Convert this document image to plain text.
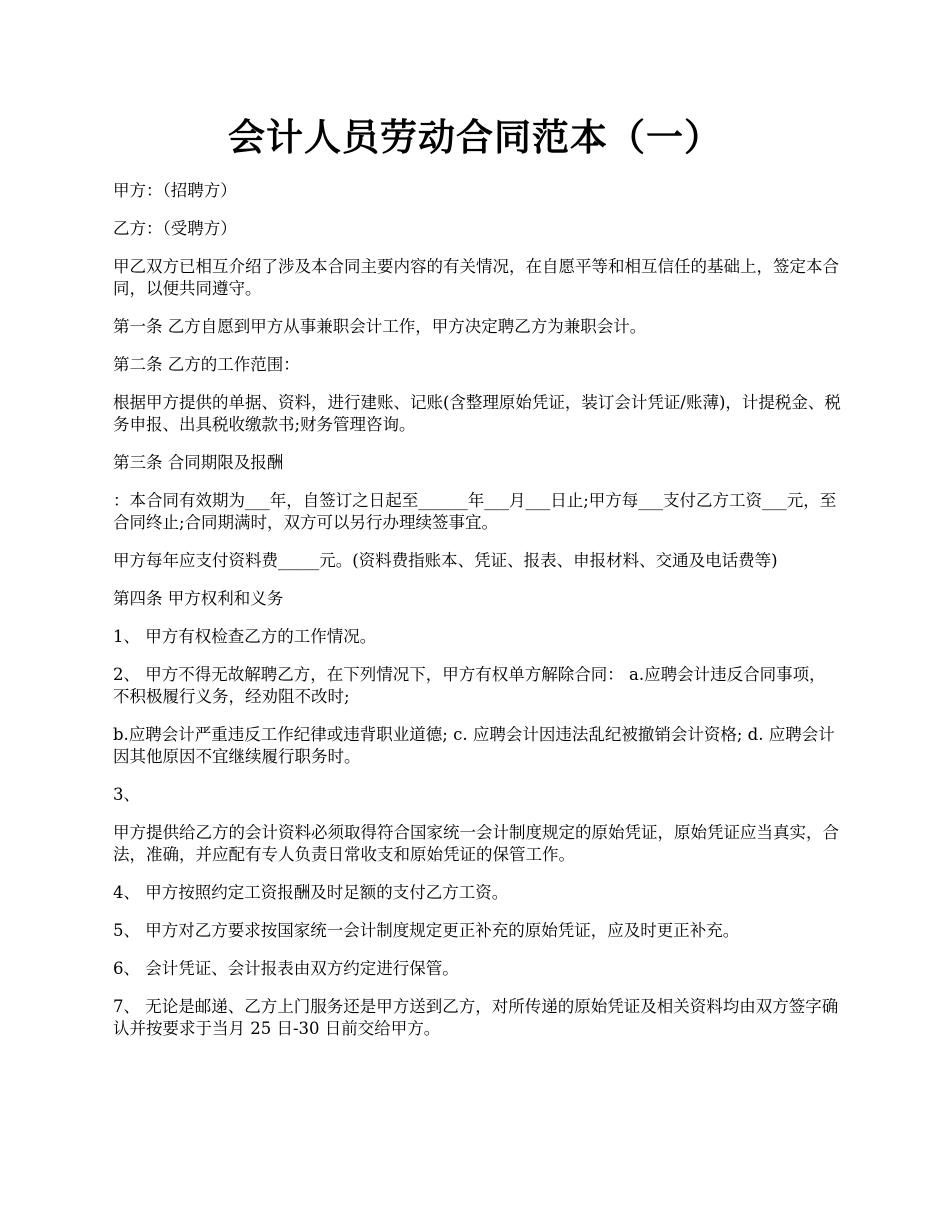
会计人员劳动合同范本（一）

甲方：（招聘方）

乙方：（受聘方）

甲乙双方已相互介绍了涉及本合同主要内容的有关情况，在自愿平等和相互信任的基础上，签定本合同，以便共同遵守。

第一条 乙方自愿到甲方从事兼职会计工作，甲方决定聘乙方为兼职会计。

第二条 乙方的工作范围：

根据甲方提供的单据、资料，进行建账、记账(含整理原始凭证，装订会计凭证/账薄)，计提税金、税务申报、出具税收缴款书;财务管理咨询。

第三条 合同期限及报酬

：本合同有效期为___年，自签订之日起至______年___月___日止;甲方每___支付乙方工资___元，至合同终止;合同期满时，双方可以另行办理续签事宜。

甲方每年应支付资料费_____元。(资料费指账本、凭证、报表、申报材料、交通及电话费等)

第四条 甲方权利和义务

1、 甲方有权检查乙方的工作情况。

2、 甲方不得无故解聘乙方，在下列情况下，甲方有权单方解除合同： a.应聘会计违反合同事项，不积极履行义务，经劝阻不改时;

b.应聘会计严重违反工作纪律或违背职业道德; c. 应聘会计因违法乱纪被撤销会计资格; d. 应聘会计因其他原因不宜继续履行职务时。

3、

甲方提供给乙方的会计资料必须取得符合国家统一会计制度规定的原始凭证，原始凭证应当真实，合法，准确，并应配有专人负责日常收支和原始凭证的保管工作。

4、 甲方按照约定工资报酬及时足额的支付乙方工资。

5、 甲方对乙方要求按国家统一会计制度规定更正补充的原始凭证，应及时更正补充。

6、 会计凭证、会计报表由双方约定进行保管。

7、 无论是邮递、乙方上门服务还是甲方送到乙方，对所传递的原始凭证及相关资料均由双方签字确认并按要求于当月 25 日-30 日前交给甲方。
